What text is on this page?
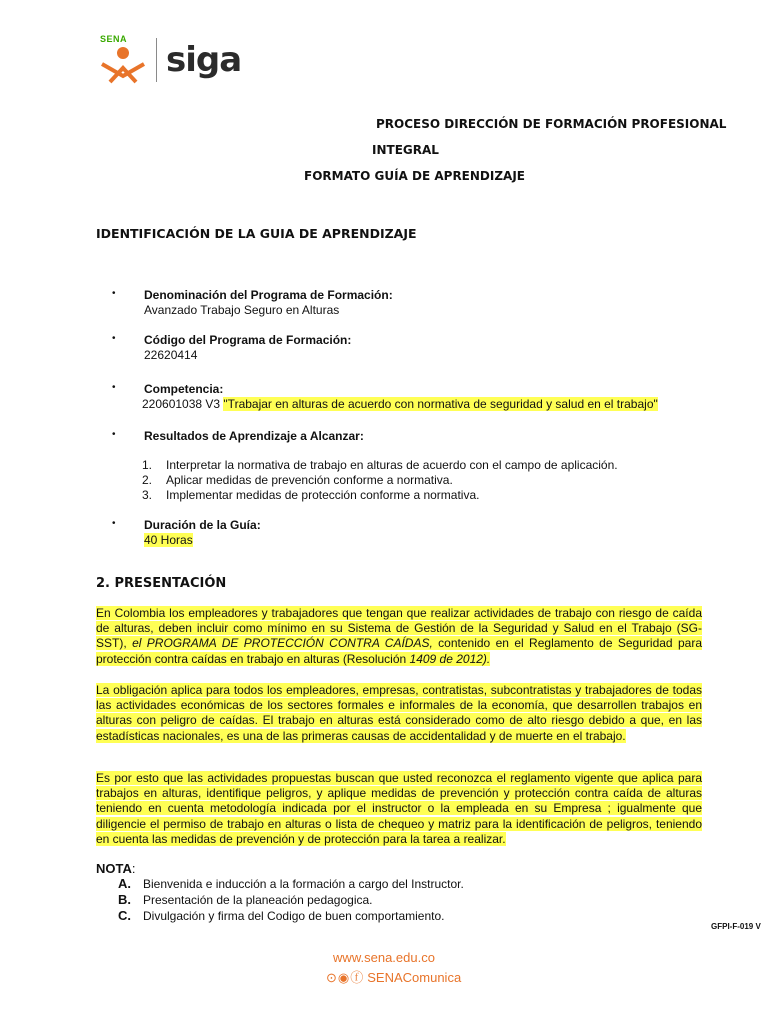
SENA
siga
PROCESO DIRECCIÓN DE FORMACIÓN PROFESIONAL
INTEGRAL
FORMATO GUÍA DE APRENDIZAJE
IDENTIFICACIÓN DE LA GUIA DE APRENDIZAJE
• Denominación del Programa de Formación:
Avanzado Trabajo Seguro en Alturas
• Código del Programa de Formación:
22620414
• Competencia:
220601038 V3 "Trabajar en alturas de acuerdo con normativa de seguridad y salud en el trabajo"
• Resultados de Aprendizaje a Alcanzar:
1. Interpretar la normativa de trabajo en alturas de acuerdo con el campo de aplicación.
2. Aplicar medidas de prevención conforme a normativa.
3. Implementar medidas de protección conforme a normativa.
• Duración de la Guía:
40 Horas
2. PRESENTACIÓN
En Colombia los empleadores y trabajadores que tengan que realizar actividades de trabajo con riesgo de caída de alturas, deben incluir como mínimo en su Sistema de Gestión de la Seguridad y Salud en el Trabajo (SG-SST), el PROGRAMA DE PROTECCIÓN CONTRA CAÍDAS, contenido en el Reglamento de Seguridad para protección contra caídas en trabajo en alturas (Resolución 1409 de 2012).
La obligación aplica para todos los empleadores, empresas, contratistas, subcontratistas y trabajadores de todas las actividades económicas de los sectores formales e informales de la economía, que desarrollen trabajos en alturas con peligro de caídas. El trabajo en alturas está considerado como de alto riesgo debido a que, en las estadísticas nacionales, es una de las primeras causas de accidentalidad y de muerte en el trabajo.
Es por esto que las actividades propuestas buscan que usted reconozca el reglamento vigente que aplica para trabajos en alturas, identifique peligros, y aplique medidas de prevención y protección contra caída de alturas teniendo en cuenta metodología indicada por el instructor o la empleada en su Empresa ; igualmente que diligencie el permiso de trabajo en alturas o lista de chequeo y matriz para la identificación de peligros, teniendo en cuenta las medidas de prevención y de protección para la tarea a realizar.
NOTA:
A. Bienvenida e inducción a la formación a cargo del Instructor.
B. Presentación de la planeación pedagogica.
C. Divulgación y firma del Codigo de buen comportamiento.
GFPI-F-019 V
www.sena.edu.co
⊙◉ⓕ SENAComunica
